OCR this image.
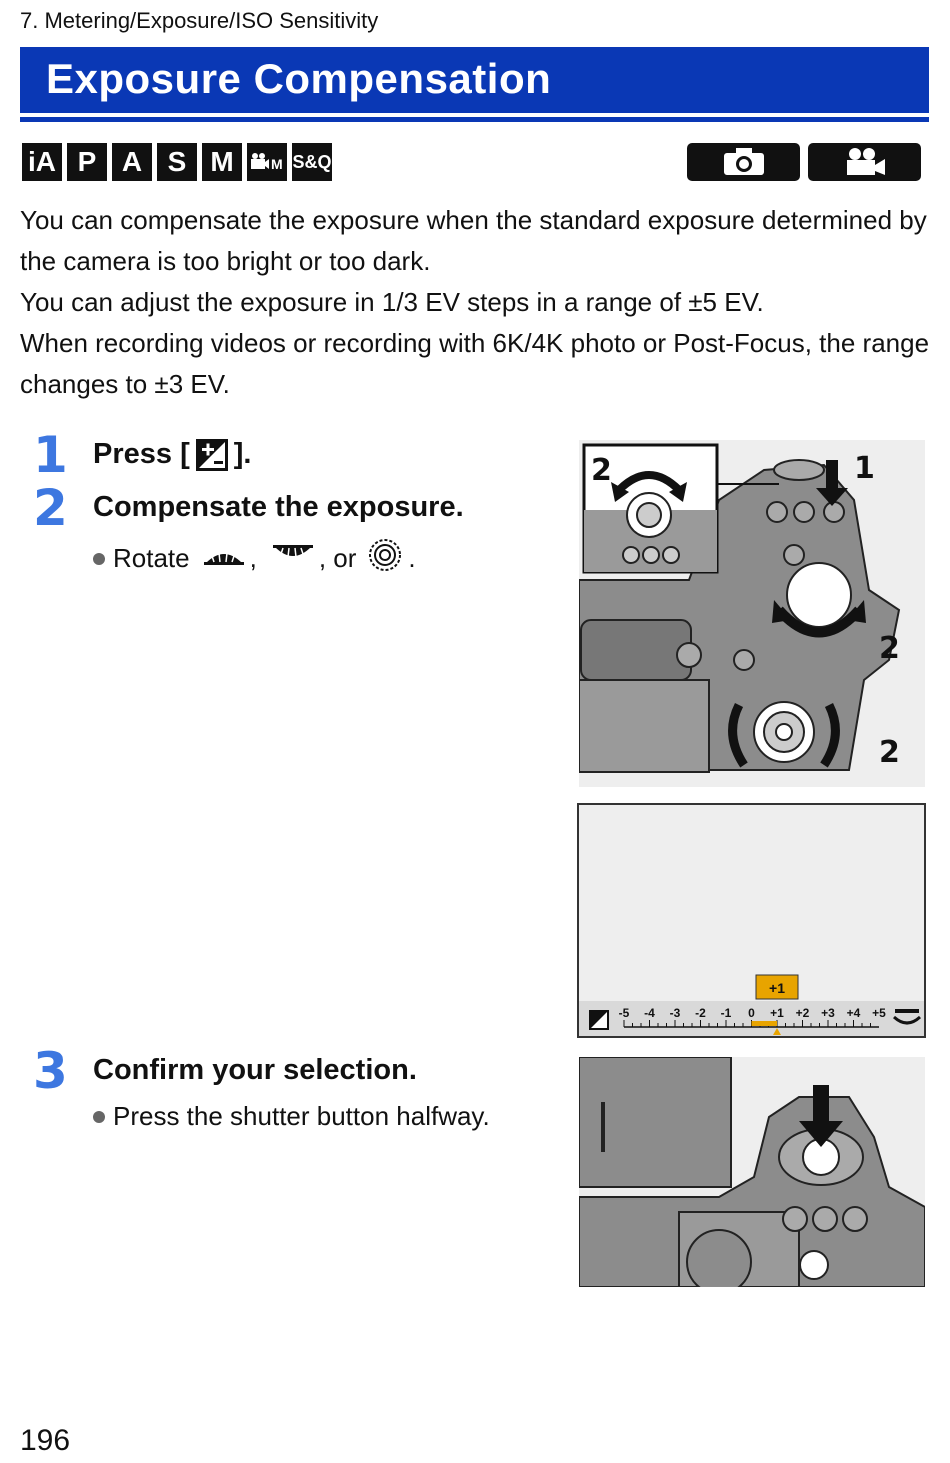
7. Metering/Exposure/ISO Sensitivity
Exposure Compensation
iA P A S M	M S&Q

You can compensate the exposure when the standard exposure determined by the camera is too bright or too dark.

You can adjust the exposure in 1/3 EV steps in a range of ±5 EV.

When recording videos or recording with 6K/4K photo or Post-Focus, the range changes to ±3 EV.

1 Press [ ].
2 Compensate the exposure.
Rotate , , or .
3 Confirm your selection.
Press the shutter button halfway.
2	1
2
2
+1
-5 -4 -3 -2 -1 0 +1 +2 +3 +4 +5
196
